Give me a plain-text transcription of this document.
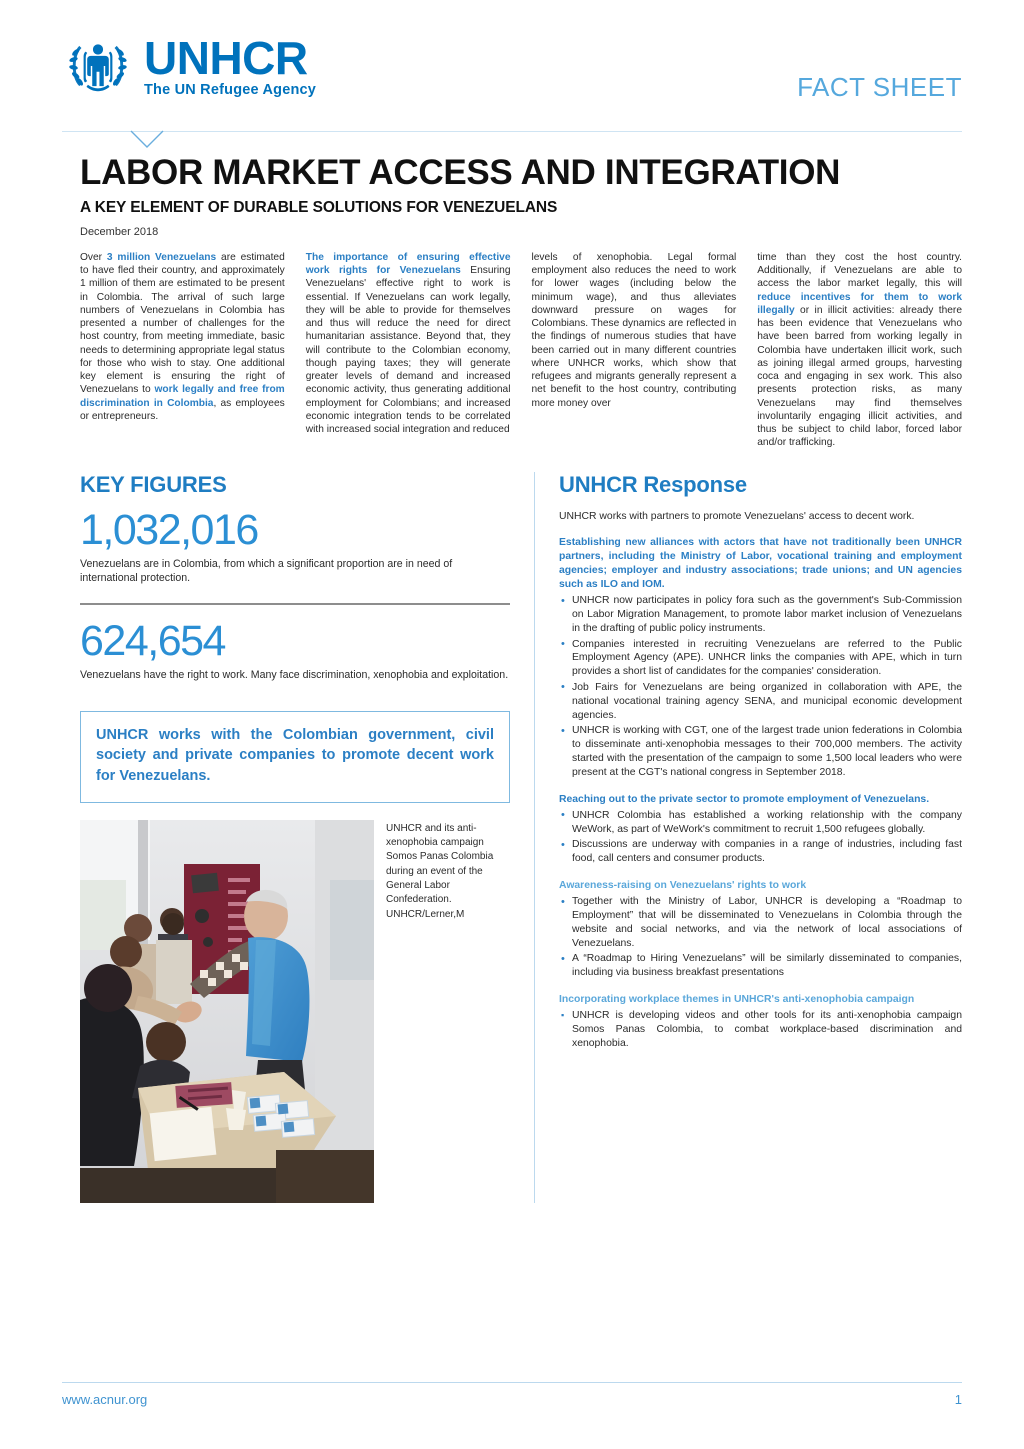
UNHCR
The UN Refugee Agency	FACT SHEET
LABOR MARKET ACCESS AND INTEGRATION
A KEY ELEMENT OF DURABLE SOLUTIONS FOR VENEZUELANS
December 2018

Over 3 million Venezuelans are estimated to have fled their country, and approximately 1 million of them are estimated to be present in Colombia. The arrival of such large numbers of Venezuelans in Colombia has presented a number of challenges for the host country, from meeting immediate, basic needs to determining appropriate legal status for those who wish to stay. One additional key element is ensuring the right of Venezuelans to work legally and free from discrimination in Colombia, as employees or entrepreneurs.

The importance of ensuring effective work rights for Venezuelans Ensuring Venezuelans' effective right to work is essential. If Venezuelans can work legally, they will be able to provide for themselves and thus will reduce the need for direct humanitarian assistance. Beyond that, they will contribute to the Colombian economy, though paying taxes; they will generate greater levels of demand and increased economic activity, thus generating additional employment for Colombians; and increased economic integration tends to be correlated with increased social integration and reduced

levels of xenophobia. Legal formal employment also reduces the need to work for lower wages (including below the minimum wage), and thus alleviates downward pressure on wages for Colombians. These dynamics are reflected in the findings of numerous studies that have been carried out in many different countries where UNHCR works, which show that refugees and migrants generally represent a net benefit to the host country, contributing more money over

time than they cost the host country. Additionally, if Venezuelans are able to access the labor market legally, this will reduce incentives for them to work illegally or in illicit activities: already there has been evidence that Venezuelans who have been barred from working legally in Colombia have undertaken illicit work, such as joining illegal armed groups, harvesting coca and engaging in sex work. This also presents protection risks, as many Venezuelans may find themselves involuntarily engaging illicit activities, and thus be subject to child labor, forced labor and/or trafficking.

KEY FIGURES
1,032,016
Venezuelans are in Colombia, from which a significant proportion are in need of international protection.
624,654
Venezuelans have the right to work. Many face discrimination, xenophobia and exploitation.

UNHCR works with the Colombian government, civil society and private companies to promote decent work for Venezuelans.

UNHCR and its anti-xenophobia campaign Somos Panas Colombia during an event of the General Labor Confederation. UNHCR/Lerner,M
UNHCR Response

UNHCR works with partners to promote Venezuelans' access to decent work.

Establishing new alliances with actors that have not traditionally been UNHCR partners, including the Ministry of Labor, vocational training and employment agencies; employer and industry associations; trade unions; and UN agencies such as ILO and IOM.

• UNHCR now participates in policy fora such as the government's Sub-Commission on Labor Migration Management, to promote labor market inclusion of Venezuelans in the drafting of public policy instruments.
• Companies interested in recruiting Venezuelans are referred to the Public Employment Agency (APE). UNHCR links the companies with APE, which in turn provides a short list of candidates for the companies' consideration.
• Job Fairs for Venezuelans are being organized in collaboration with APE, the national vocational training agency SENA, and municipal economic development agencies.
• UNHCR is working with CGT, one of the largest trade union federations in Colombia to disseminate anti-xenophobia messages to their 700,000 members. The activity started with the presentation of the campaign to some 1,500 local leaders who were present at the CGT's national congress in September 2018.

Reaching out to the private sector to promote employment of Venezuelans.

• UNHCR Colombia has established a working relationship with the company WeWork, as part of WeWork's commitment to recruit 1,500 refugees globally.
• Discussions are underway with companies in a range of industries, including fast food, call centers and consumer products.

Awareness-raising on Venezuelans' rights to work

• Together with the Ministry of Labor, UNHCR is developing a “Roadmap to Employment” that will be disseminated to Venezuelans in Colombia through the website and social networks, and via the network of local associations of Venezuelans.
• A “Roadmap to Hiring Venezuelans” will be similarly disseminated to companies, including via business breakfast presentations

Incorporating workplace themes in UNHCR's anti-xenophobia campaign

▪ UNHCR is developing videos and other tools for its anti-xenophobia campaign Somos Panas Colombia, to combat workplace-based discrimination and xenophobia.
www.acnur.org	1
